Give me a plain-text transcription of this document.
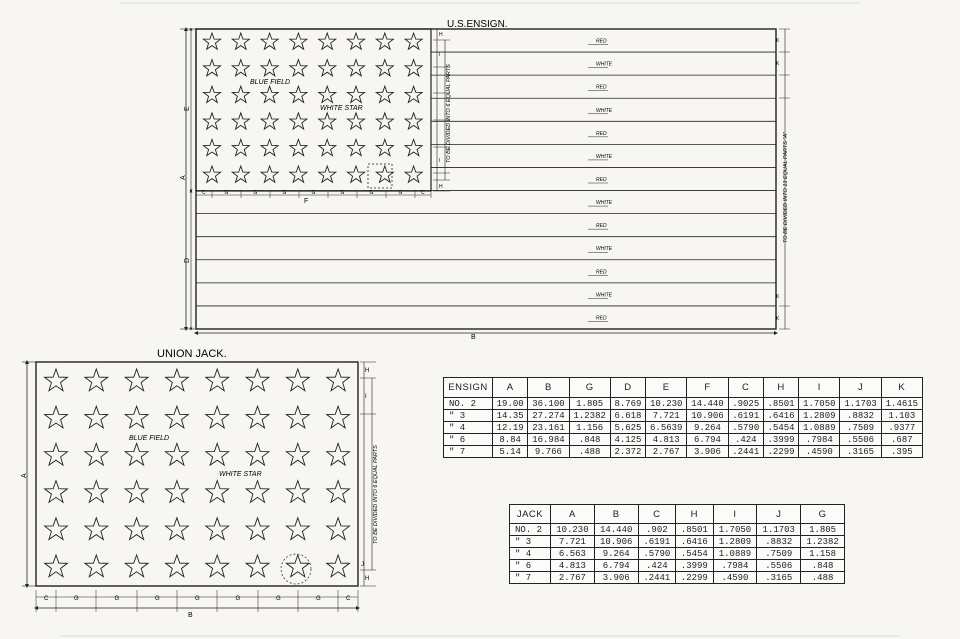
RED
WHITE
RED
WHITE
RED
WHITE
RED
WHITE
RED
WHITE
RED
WHITE
RED
BLUE FIELD
WHITE STAR
U.S.ENSIGN.
A
E
D
B
C	G	G	G	G	G	G	G	C
F
H
I
I
H
TO BE DIVIDED INTO 6 EQUAL PARTS
K
K
K
K
TO BE DIVIDED INTO 13 EQUAL PARTS "A"
UNION JACK.
BLUE FIELD
WHITE STAR
A
C	G	G	G	G	G	G	G	C
B
H
I
H
J
TO BE DIVIDED INTO 6 EQUAL PARTS
ENSIGN	A	B	G	D	E	F	C	H	I	J	K
NO. 2	19.00	36.100	1.805	8.769	10.230	14.440	.9025	.8501	1.7050	1.1703	1.4615
" 3	14.35	27.274	1.2382	6.618	7.721	10.906	.6191	.6416	1.2809	.8832	1.103
" 4	12.19	23.161	1.156	5.625	6.5639	9.264	.5790	.5454	1.0889	.7509	.9377
" 6	8.84	16.984	.848	4.125	4.813	6.794	.424	.3999	.7984	.5506	.687
" 7	5.14	9.766	.488	2.372	2.767	3.906	.2441	.2299	.4590	.3165	.395
JACK	A	B	C	H	I	J	G
NO. 2	10.230	14.440	.902	.8501	1.7050	1.1703	1.805
" 3	7.721	10.906	.6191	.6416	1.2809	.8832	1.2382
" 4	6.563	9.264	.5790	.5454	1.0889	.7509	1.158
" 6	4.813	6.794	.424	.3999	.7984	.5506	.848
" 7	2.767	3.906	.2441	.2299	.4590	.3165	.488
